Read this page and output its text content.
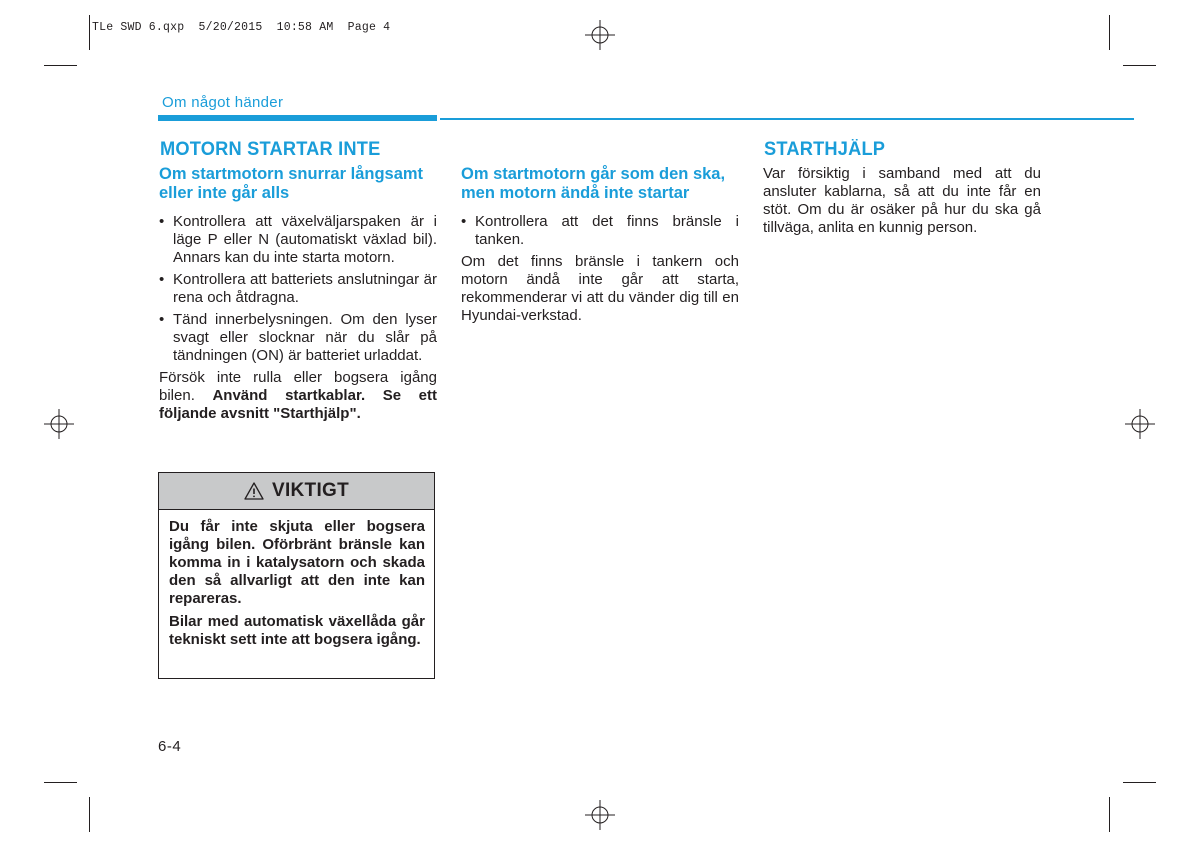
TLe SWD 6.qxp  5/20/2015  10:58 AM  Page 4
Om något händer
MOTORN STARTAR INTE
Om startmotorn snurrar långsamt eller inte går alls
• Kontrollera att växelväljarspaken är i läge P eller N (automatiskt växlad bil). Annars kan du inte starta motorn.
• Kontrollera att batteriets anslutningar är rena och åtdragna.
• Tänd innerbelysningen. Om den lyser svagt eller slocknar när du slår på tändningen (ON) är batteriet urladdat.

Försök inte rulla eller bogsera igång bilen. Använd startkablar. Se ett följande avsnitt "Starthjälp".

VIKTIGT

Du får inte skjuta eller bogsera igång bilen. Oförbränt bränsle kan komma in i katalysatorn och skada den så allvarligt att den inte kan repareras.

Bilar med automatisk växellåda går tekniskt sett inte att bogsera igång.

Om startmotorn går som den ska, men motorn ändå inte startar
• Kontrollera att det finns bränsle i tanken.

Om det finns bränsle i tankern och motorn ändå inte går att starta, rekommenderar vi att du vänder dig till en Hyundai-verkstad.

STARTHJÄLP

Var försiktig i samband med att du ansluter kablarna, så att du inte får en stöt. Om du är osäker på hur du ska gå tillväga, anlita en kunnig person.

6-4
